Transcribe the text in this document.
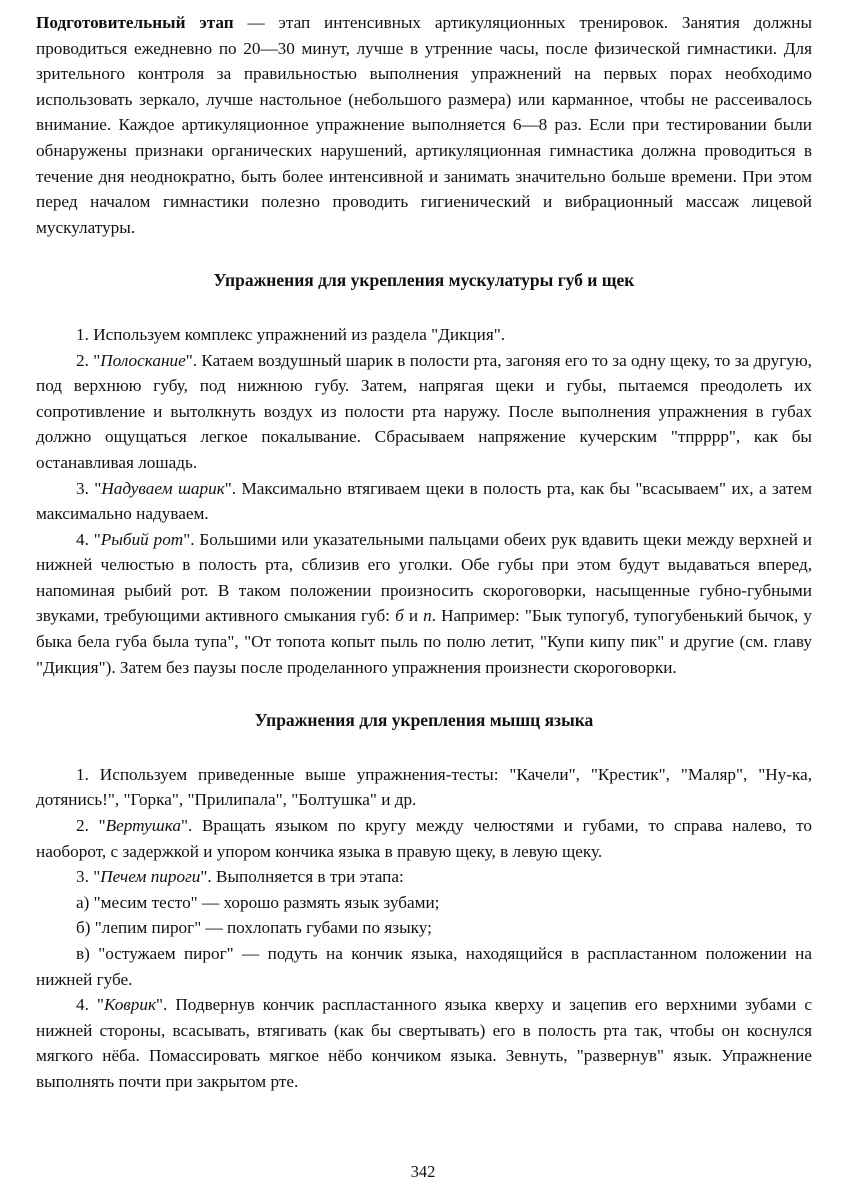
Подготовительный этап — этап интенсивных артикуляционных тренировок. Занятия должны проводиться ежедневно по 20—30 минут, лучше в утренние часы, после физической гимнастики. Для зрительного контроля за правильностью выполнения упражнений на первых порах необходимо использовать зеркало, лучше настольное (небольшого размера) или карманное, чтобы не рассеивалось внимание. Каждое артикуляционное упражнение выполняется 6—8 раз. Если при тестировании были обнаружены признаки органических нарушений, артикуляционная гимнастика должна проводиться в течение дня неоднократно, быть более интенсивной и занимать значительно больше времени. При этом перед началом гимнастики полезно проводить гигиенический и вибрационный массаж лицевой мускулатуры.

Упражнения для укрепления мускулатуры губ и щек

1. Используем комплекс упражнений из раздела "Дикция".

2. "Полоскание". Катаем воздушный шарик в полости рта, загоняя его то за одну щеку, то за другую, под верхнюю губу, под нижнюю губу. Затем, напрягая щеки и губы, пытаемся преодолеть их сопротивление и вытолкнуть воздух из полости рта наружу. После выполнения упражнения в губах должно ощущаться легкое покалывание. Сбрасываем напряжение кучерским "тпрррр", как бы останавливая лошадь.

3. "Надуваем шарик". Максимально втягиваем щеки в полость рта, как бы "всасываем" их, а затем максимально надуваем.

4. "Рыбий рот". Большими или указательными пальцами обеих рук вдавить щеки между верхней и нижней челюстью в полость рта, сблизив его уголки. Обе губы при этом будут выдаваться вперед, напоминая рыбий рот. В таком положении произносить скороговорки, насыщенные губно-губными звуками, требующими активного смыкания губ: б и п. Например: "Бык тупогуб, тупогубенький бычок, у быка бела губа была тупа", "От топота копыт пыль по полю летит, "Купи кипу пик" и другие (см. главу "Дикция"). Затем без паузы после проделанного упражнения произнести скороговорки.

Упражнения для укрепления мышц языка

1. Используем приведенные выше упражнения-тесты: "Качели", "Крестик", "Маляр", "Ну-ка, дотянись!", "Горка", "Прилипала", "Болтушка" и др.

2. "Вертушка". Вращать языком по кругу между челюстями и губами, то справа налево, то наоборот, с задержкой и упором кончика языка в правую щеку, в левую щеку.

3. "Печем пироги". Выполняется в три этапа:

а) "месим тесто" — хорошо размять язык зубами;

б) "лепим пирог" — похлопать губами по языку;

в) "остужаем пирог" — подуть на кончик языка, находящийся в распластанном положении на нижней губе.

4. "Коврик". Подвернув кончик распластанного языка кверху и зацепив его верхними зубами с нижней стороны, всасывать, втягивать (как бы свертывать) его в полость рта так, чтобы он коснулся мягкого нёба. Помассировать мягкое нёбо кончиком языка. Зевнуть, "развернув" язык. Упражнение выполнять почти при закрытом рте.

342
